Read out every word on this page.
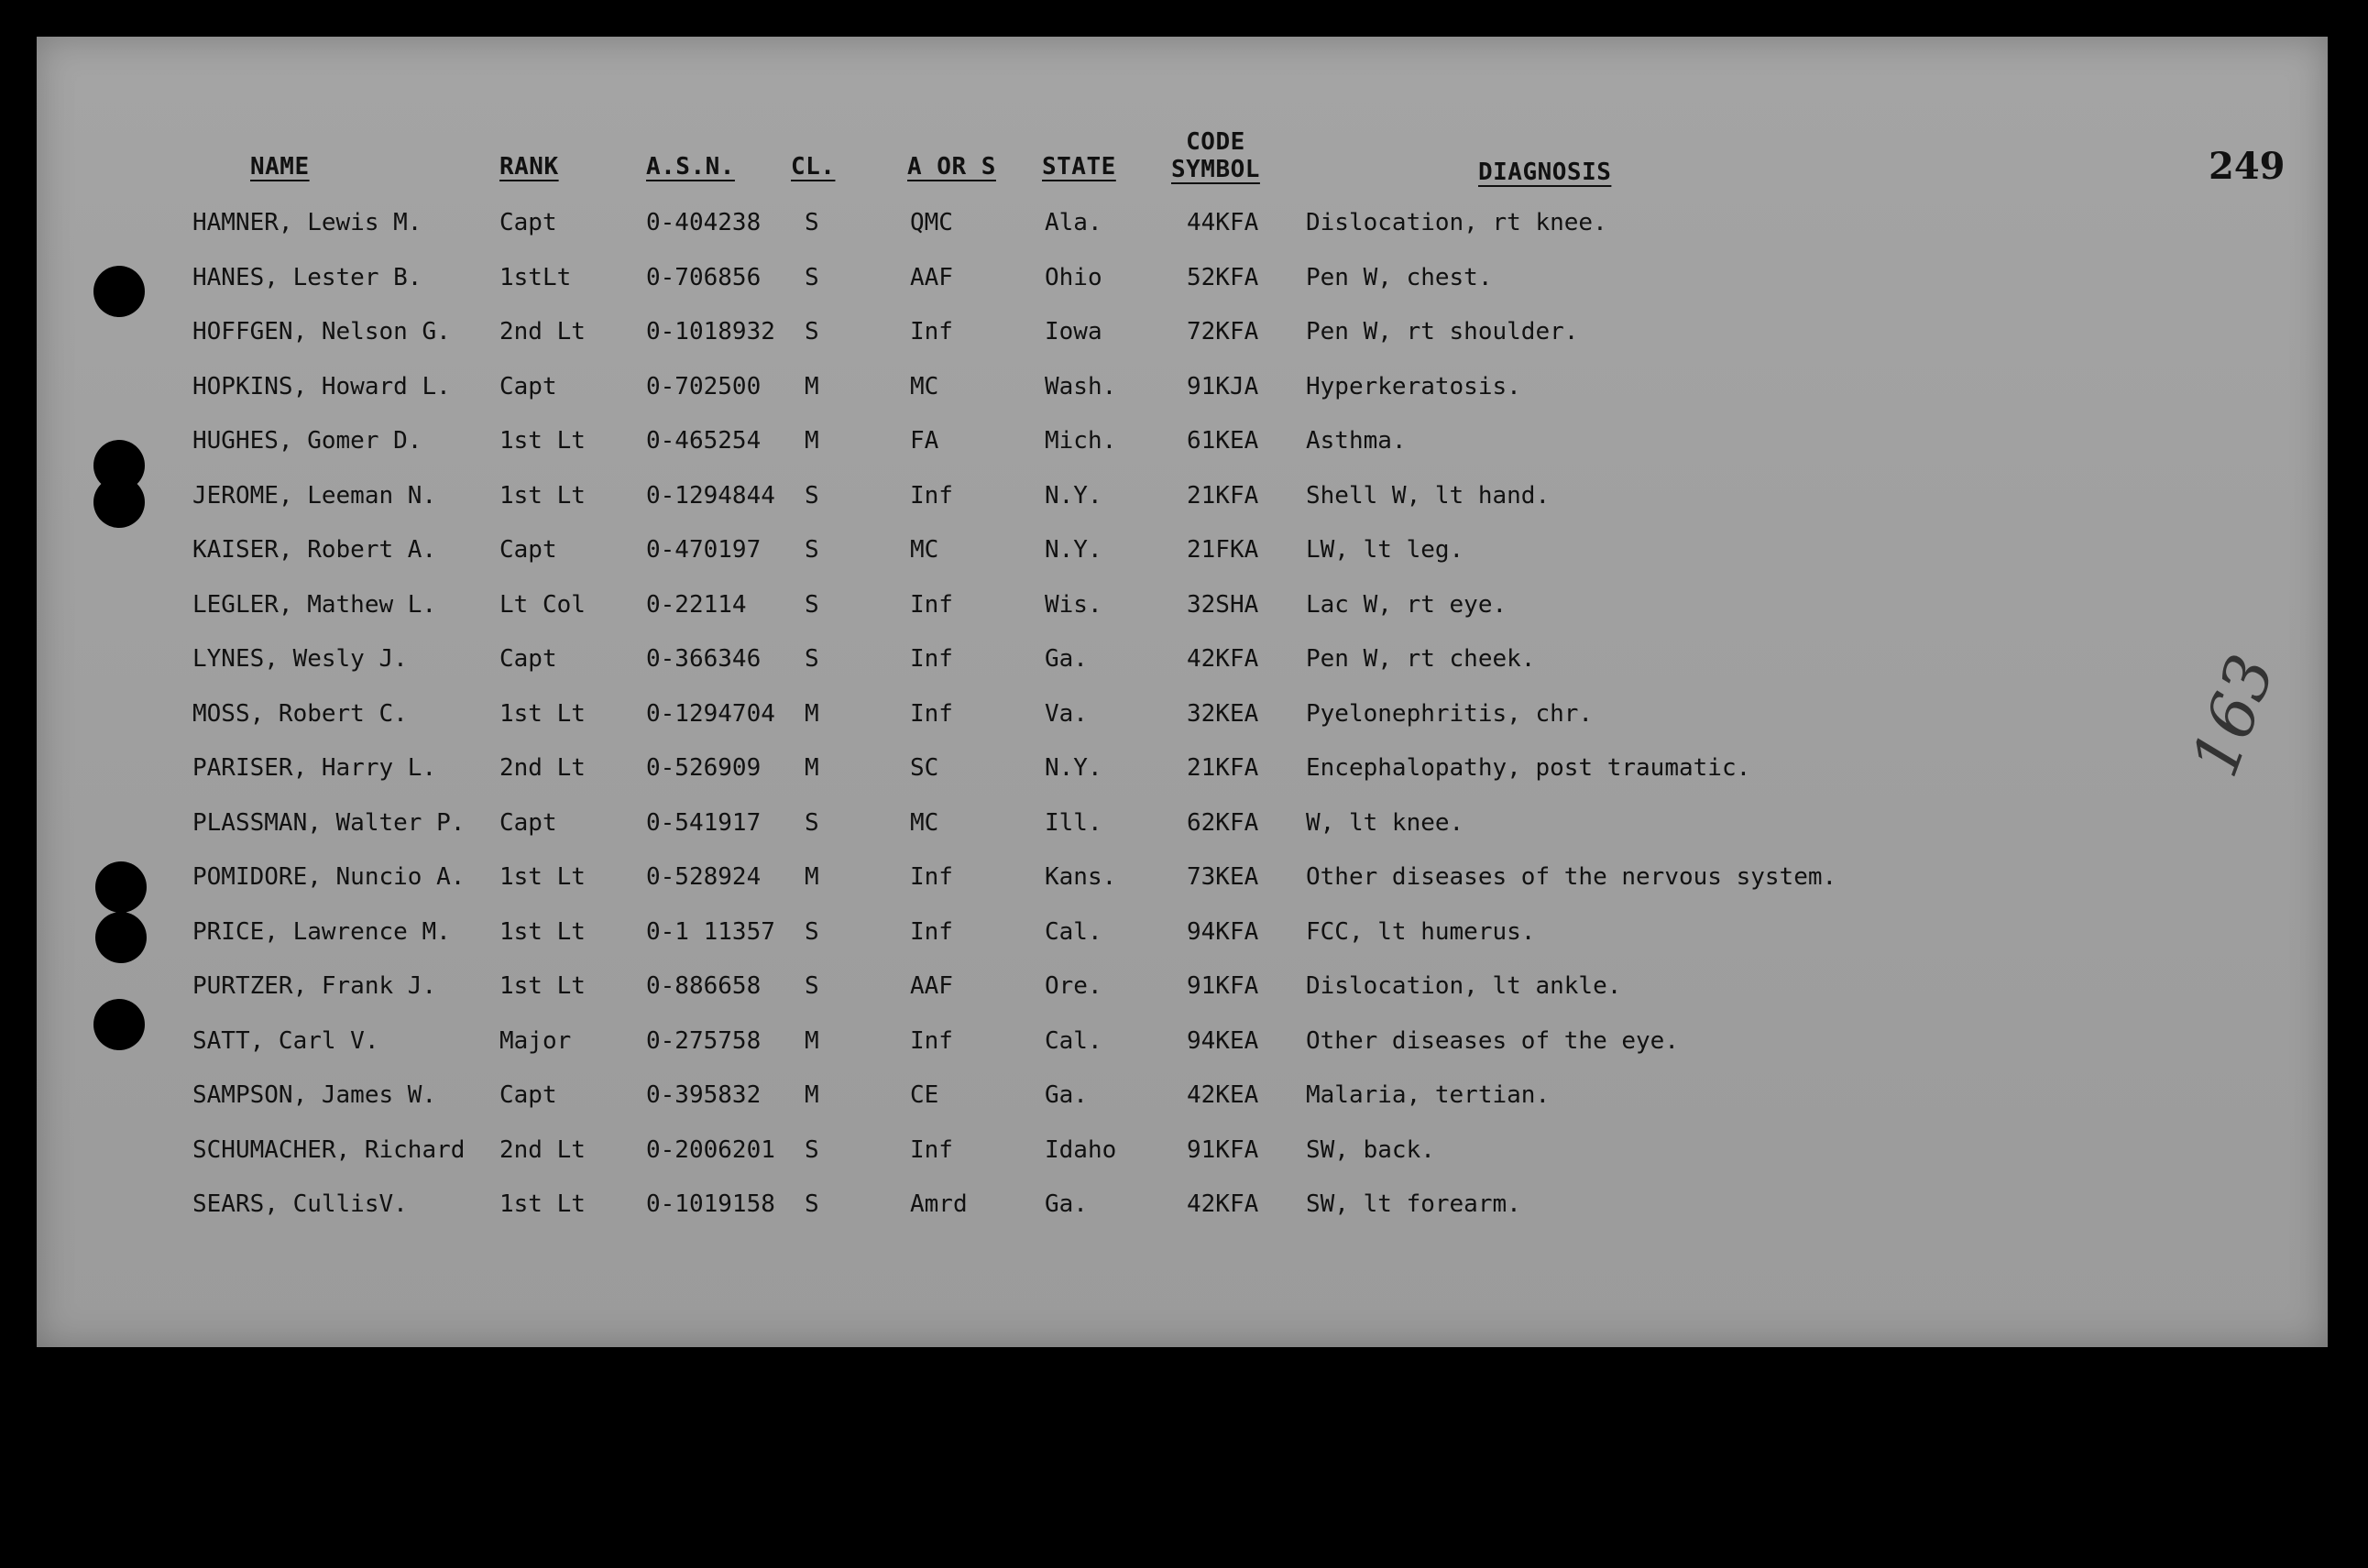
NAME	RANK	A.S.N. CL.	A OR S STATE
CODE
SYMBOL	DIAGNOSIS	249
HAMNER, Lewis M.	Capt	0-404238 S	QMC	Ala.	44KFA Dislocation, rt knee.
HANES, Lester B.	1stLt	0-706856 S	AAF	Ohio	52KFA Pen W, chest.
HOFFGEN, Nelson G. 2nd Lt	0-1018932 S	Inf	Iowa	72KFA Pen W, rt shoulder.
HOPKINS, Howard L. Capt	0-702500 M	MC	Wash.	91KJA Hyperkeratosis.
HUGHES, Gomer D.	1st Lt	0-465254 M	FA	Mich.	61KEA Asthma.
JEROME, Leeman N.	1st Lt	0-1294844 S	Inf	N.Y.	21KFA Shell W, lt hand.
KAISER, Robert A.	Capt	0-470197 S	MC	N.Y.	21FKA LW, lt leg.
LEGLER, Mathew L.	Lt Col	0-22114 S	Inf	Wis.	32SHA Lac W, rt eye.
LYNES, Wesly J.	Capt	0-366346 S	Inf	Ga.	42KFA Pen W, rt cheek.
MOSS, Robert C.	1st Lt	0-1294704 M	Inf	Va.	32KEA Pyelonephritis, chr.
PARISER, Harry L.	2nd Lt	0-526909 M	SC	N.Y.	21KFA Encephalopathy, post traumatic.
PLASSMAN, Walter P. Capt	0-541917 S	MC	Ill.	62KFA W, lt knee.
POMIDORE, Nuncio A. 1st Lt	0-528924 M	Inf	Kans.	73KEA Other diseases of the nervous system.
PRICE, Lawrence M. 1st Lt	0-1 11357 S	Inf	Cal.	94KFA FCC, lt humerus.
PURTZER, Frank J.	1st Lt	0-886658 S	AAF	Ore.	91KFA Dislocation, lt ankle.
SATT, Carl V.	Major	0-275758 M	Inf	Cal.	94KEA Other diseases of the eye.
SAMPSON, James W.	Capt	0-395832 M	CE	Ga.	42KEA Malaria, tertian.
SCHUMACHER, Richard 2nd Lt	0-2006201 S	Inf	Idaho	91KFA SW, back.
SEARS, CullisV.	1st Lt	0-1019158 S	Amrd	Ga.	42KFA SW, lt forearm.
163
